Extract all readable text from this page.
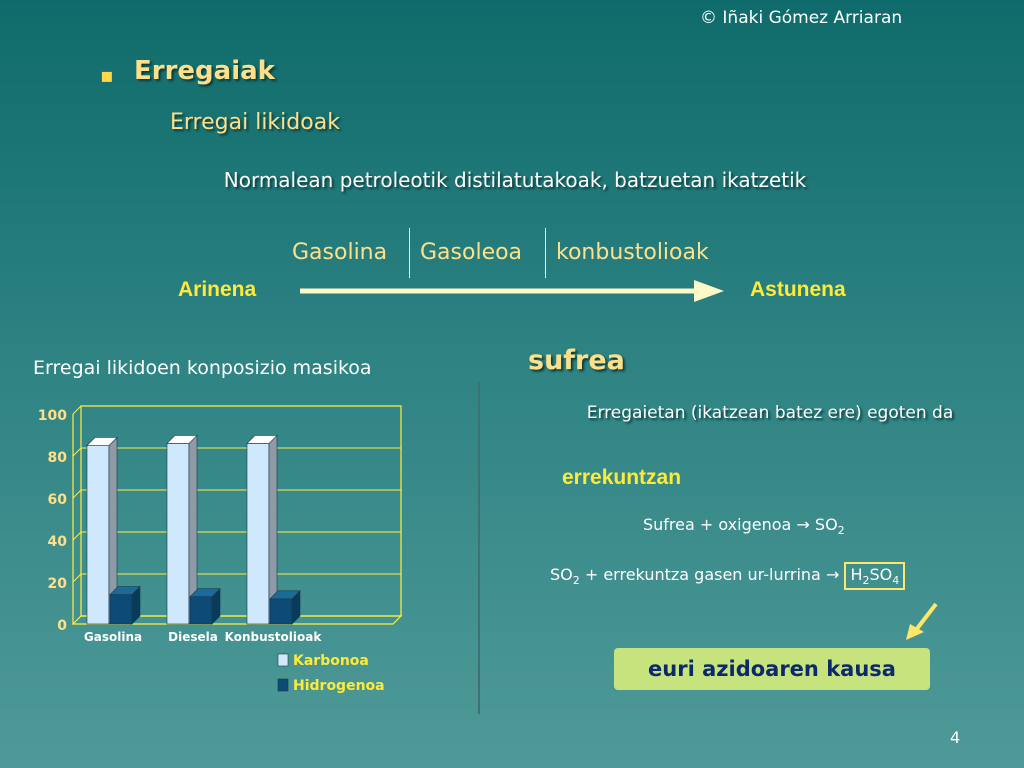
© Iñaki Gómez Arriaran
▪ Erregaiak
Erregai likidoak
Normalean petroleotik distilatutakoak, batzuetan ikatzetik
Gasolina Gasoleoa konbustolioak
Arinena	Astunena
Erregai likidoen konposizio masikoa
0
20
40
60
80
100
Gasolina Diesela Konbustolioak
Karbonoa
Hidrogenoa
sufrea
Erregaietan (ikatzean batez ere) egoten da
errekuntzan
Sufrea + oxigenoa → $SO_2$
$SO_2$ + errekuntza gasen ur-lurrina → $H_2SO_4$
euri azidoaren kausa
4
